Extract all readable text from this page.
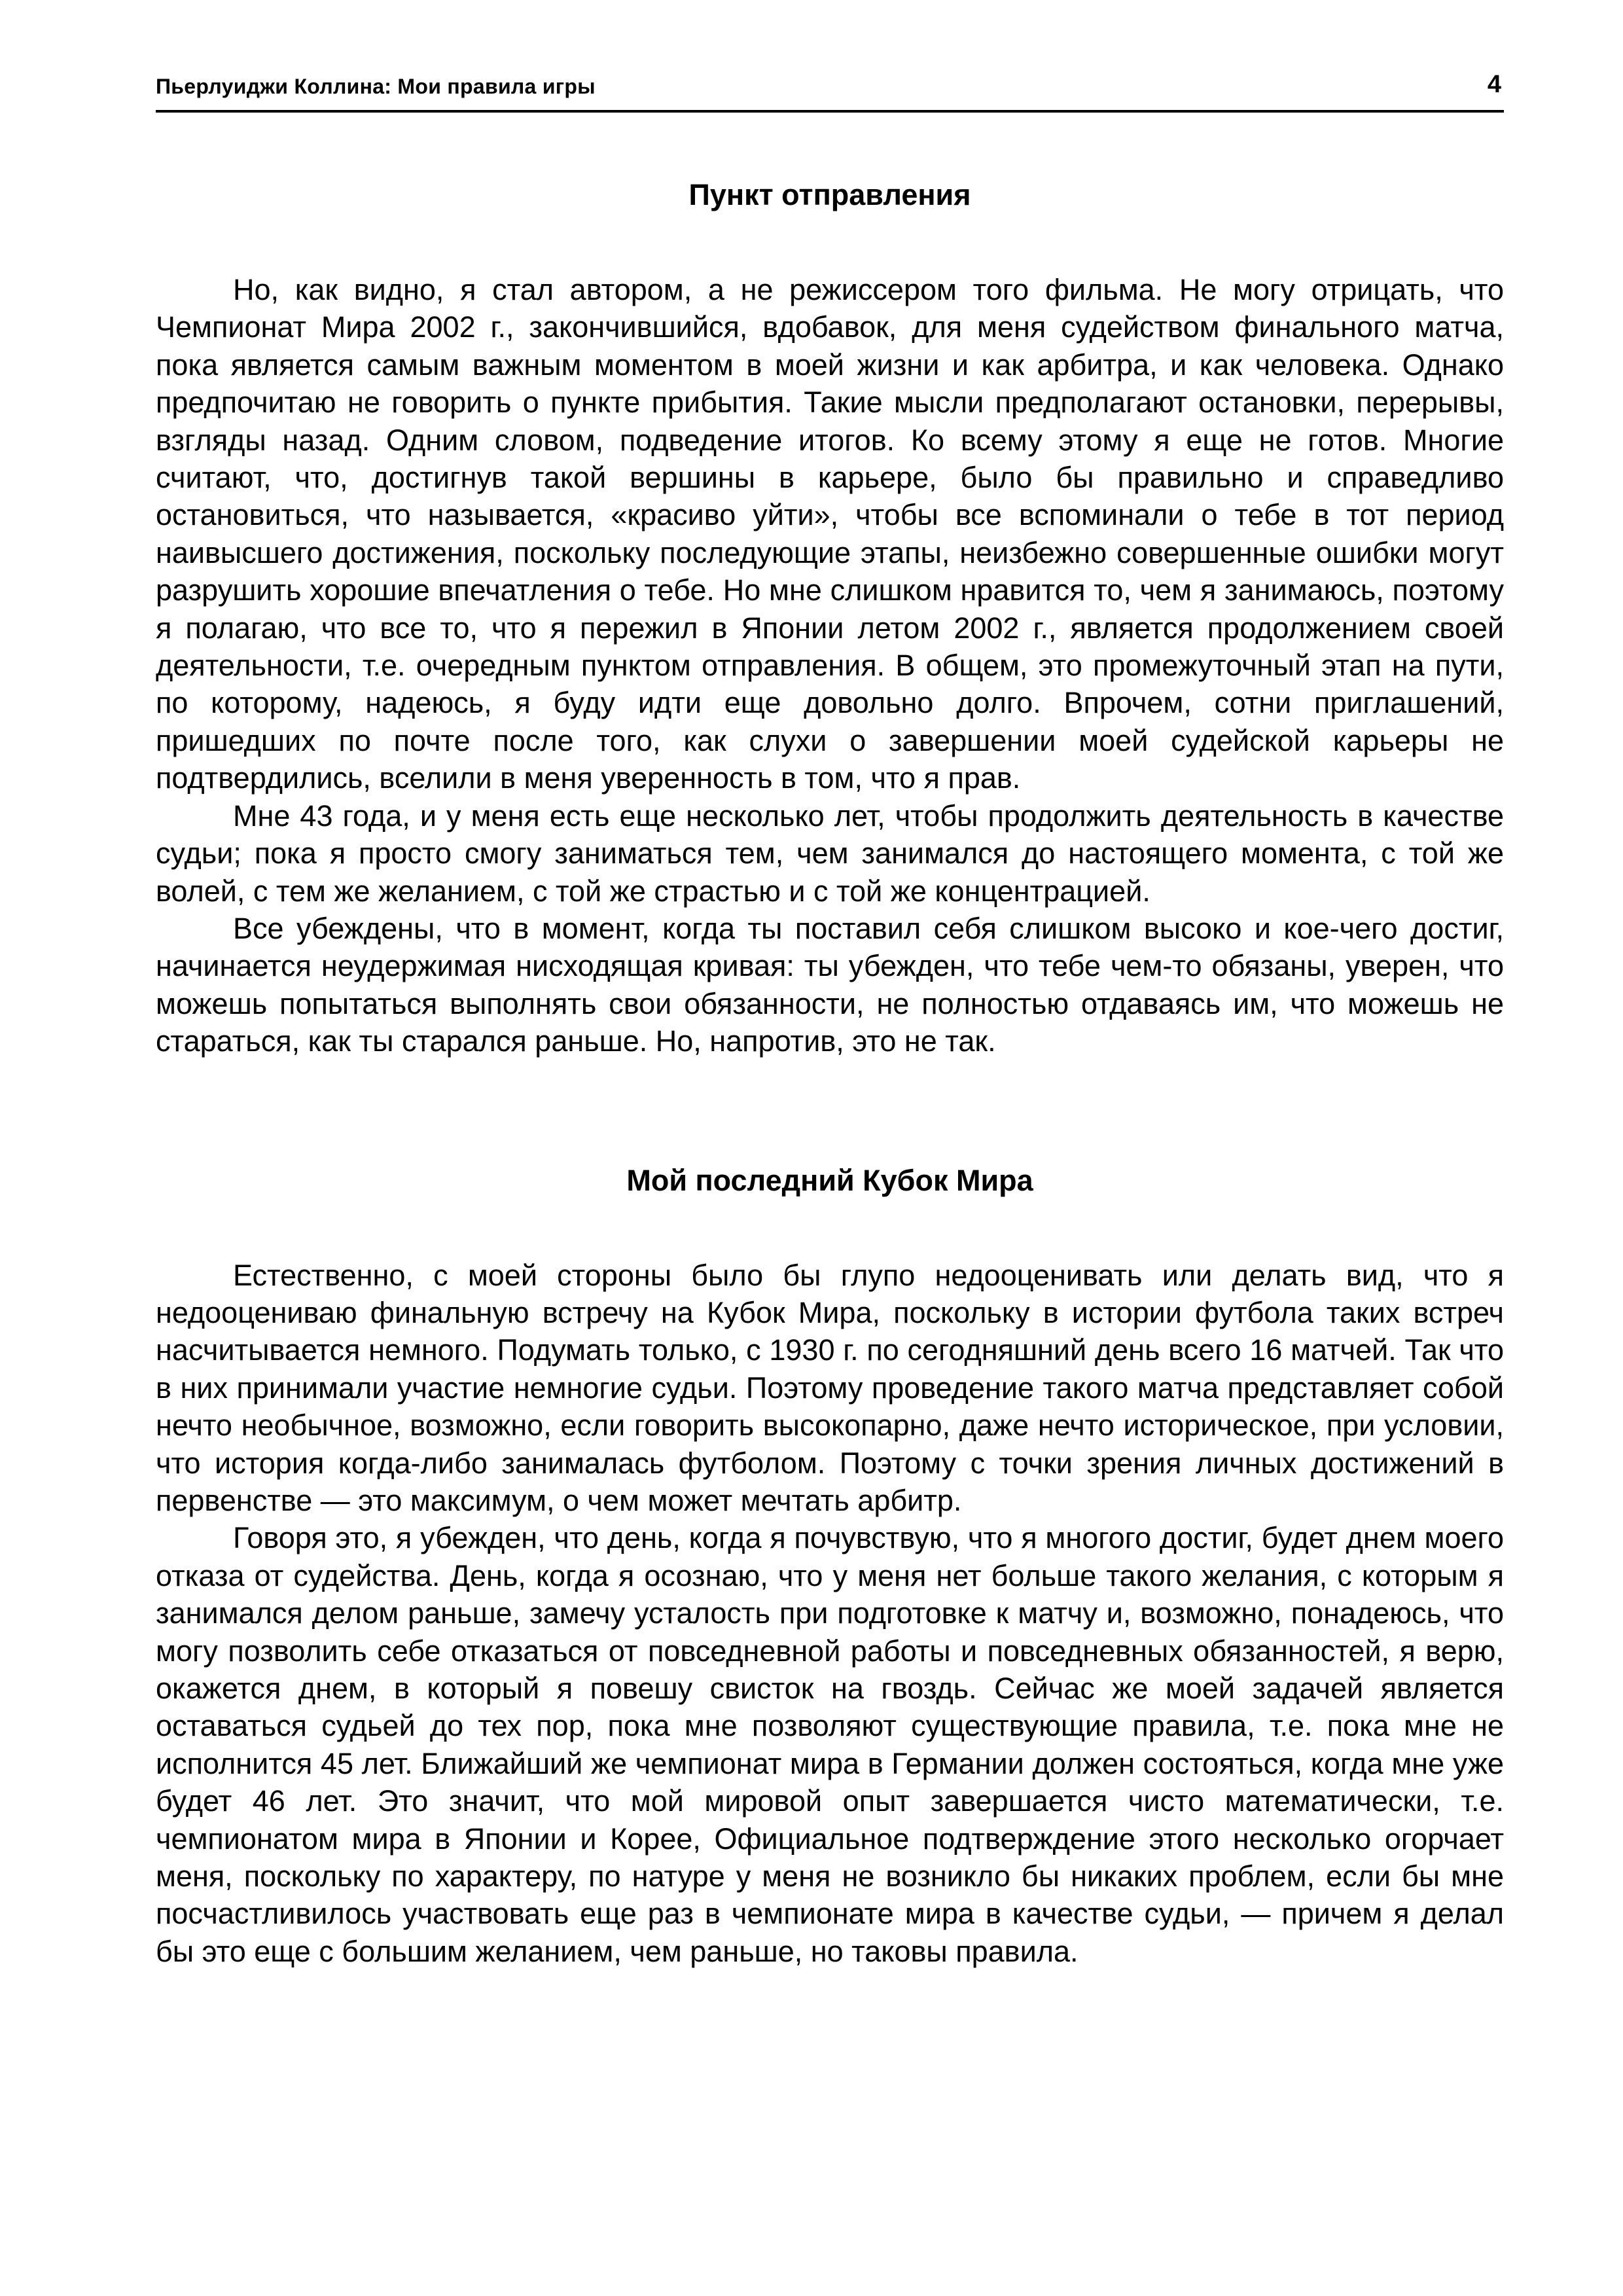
Пьерлуиджи Коллина: Мои правила игры	4
Пункт отправления

Но, как видно, я стал автором, а не режиссером того фильма. Не могу отрицать, что Чемпионат Мира 2002 г., закончившийся, вдобавок, для меня судейством финального матча, пока является самым важным моментом в моей жизни и как арбитра, и как человека. Однако предпочитаю не говорить о пункте прибытия. Такие мысли предполагают остановки, перерывы, взгляды назад. Одним словом, подведение итогов. Ко всему этому я еще не готов. Многие считают, что, достигнув такой вершины в карьере, было бы правильно и справедливо остановиться, что называется, «красиво уйти», чтобы все вспоминали о тебе в тот период наивысшего достижения, поскольку последующие этапы, неизбежно совершенные ошибки могут разрушить хорошие впечатления о тебе. Но мне слишком нравится то, чем я занимаюсь, поэтому я полагаю, что все то, что я пережил в Японии летом 2002 г., является продолжением своей деятельности, т.е. очередным пунктом отправления. В общем, это промежуточный этап на пути, по которому, надеюсь, я буду идти еще довольно долго. Впрочем, сотни приглашений, пришедших по почте после того, как слухи о завершении моей судейской карьеры не подтвердились, вселили в меня уверенность в том, что я прав.

Мне 43 года, и у меня есть еще несколько лет, чтобы продолжить деятельность в качестве судьи; пока я просто смогу заниматься тем, чем занимался до настоящего момента, с той же волей, с тем же желанием, с той же страстью и с той же концентрацией.

Все убеждены, что в момент, когда ты поставил себя слишком высоко и кое-чего достиг, начинается неудержимая нисходящая кривая: ты убежден, что тебе чем-то обязаны, уверен, что можешь попытаться выполнять свои обязанности, не полностью отдаваясь им, что можешь не стараться, как ты старался раньше. Но, напротив, это не так.

Мой последний Кубок Мира

Естественно, с моей стороны было бы глупо недооценивать или делать вид, что я недооцениваю финальную встречу на Кубок Мира, поскольку в истории футбола таких встреч насчитывается немного. Подумать только, с 1930 г. по сегодняшний день всего 16 матчей. Так что в них принимали участие немногие судьи. Поэтому проведение такого матча представляет собой нечто необычное, возможно, если говорить высокопарно, даже нечто историческое, при условии, что история когда-либо занималась футболом. Поэтому с точки зрения личных достижений в первенстве — это максимум, о чем может мечтать арбитр.

Говоря это, я убежден, что день, когда я почувствую, что я многого достиг, будет днем моего отказа от судейства. День, когда я осознаю, что у меня нет больше такого желания, с которым я занимался делом раньше, замечу усталость при подготовке к матчу и, возможно, понадеюсь, что могу позволить себе отказаться от повседневной работы и повседневных обязанностей, я верю, окажется днем, в который я повешу свисток на гвоздь. Сейчас же моей задачей является оставаться судьей до тех пор, пока мне позволяют существующие правила, т.е. пока мне не исполнится 45 лет. Ближайший же чемпионат мира в Германии должен состояться, когда мне уже будет 46 лет. Это значит, что мой мировой опыт завершается чисто математически, т.е. чемпионатом мира в Японии и Корее, Официальное подтверждение этого несколько огорчает меня, поскольку по характеру, по натуре у меня не возникло бы никаких проблем, если бы мне посчастливилось участвовать еще раз в чемпионате мира в качестве судьи, — причем я делал бы это еще с большим желанием, чем раньше, но таковы правила.
